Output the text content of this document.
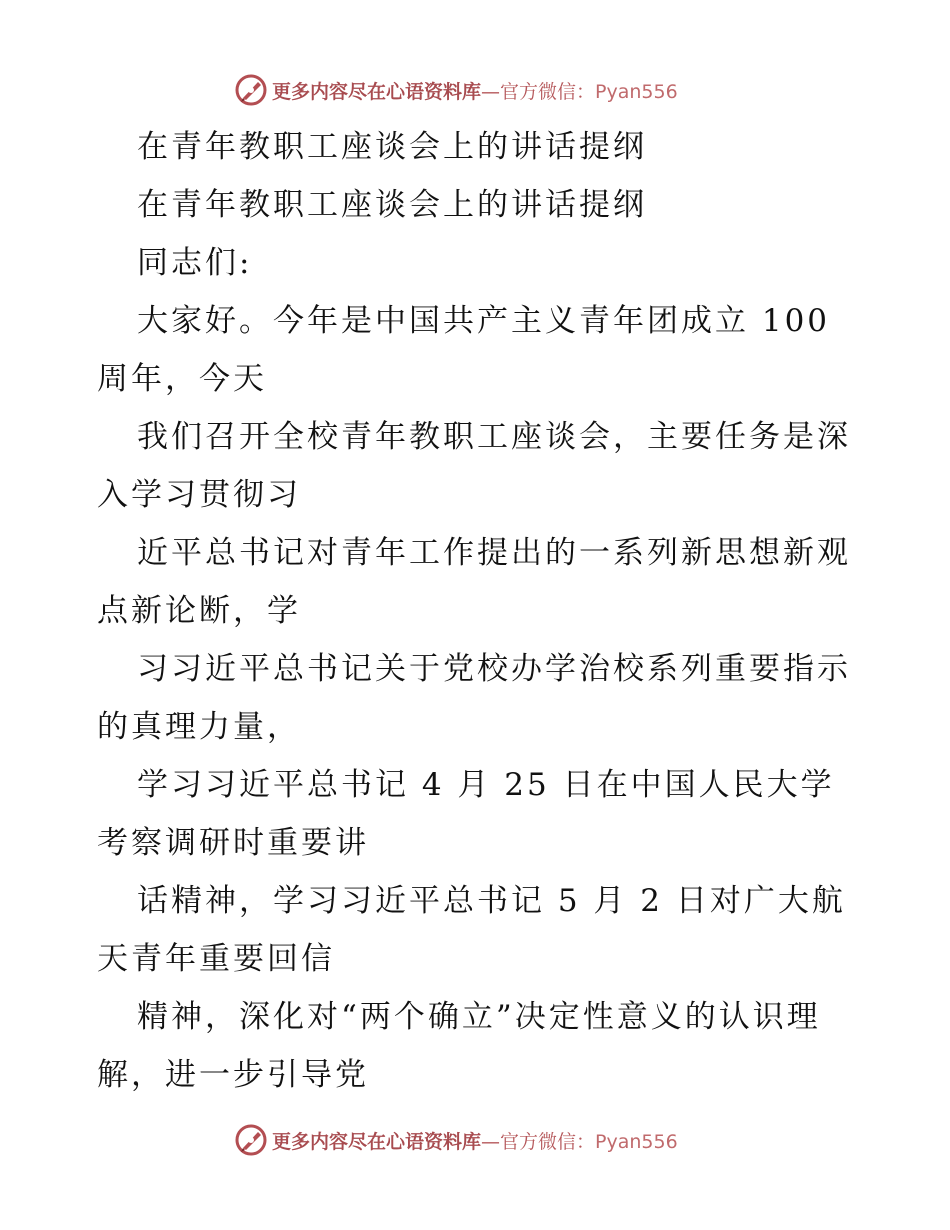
更多内容尽在心语资料库—官方微信：Pyan556

在青年教职工座谈会上的讲话提纲

在青年教职工座谈会上的讲话提纲

同志们:

大家好。今年是中国共产主义青年团成立 100 周年，今天

我们召开全校青年教职工座谈会，主要任务是深入学习贯彻习

近平总书记对青年工作提出的一系列新思想新观点新论断，学

习习近平总书记关于党校办学治校系列重要指示的真理力量，

学习习近平总书记 4 月 25 日在中国人民大学考察调研时重要讲

话精神，学习习近平总书记 5 月 2 日对广大航天青年重要回信

精神，深化对“两个确立”决定性意义的认识理解，进一步引导党

更多内容尽在心语资料库—官方微信：Pyan556
